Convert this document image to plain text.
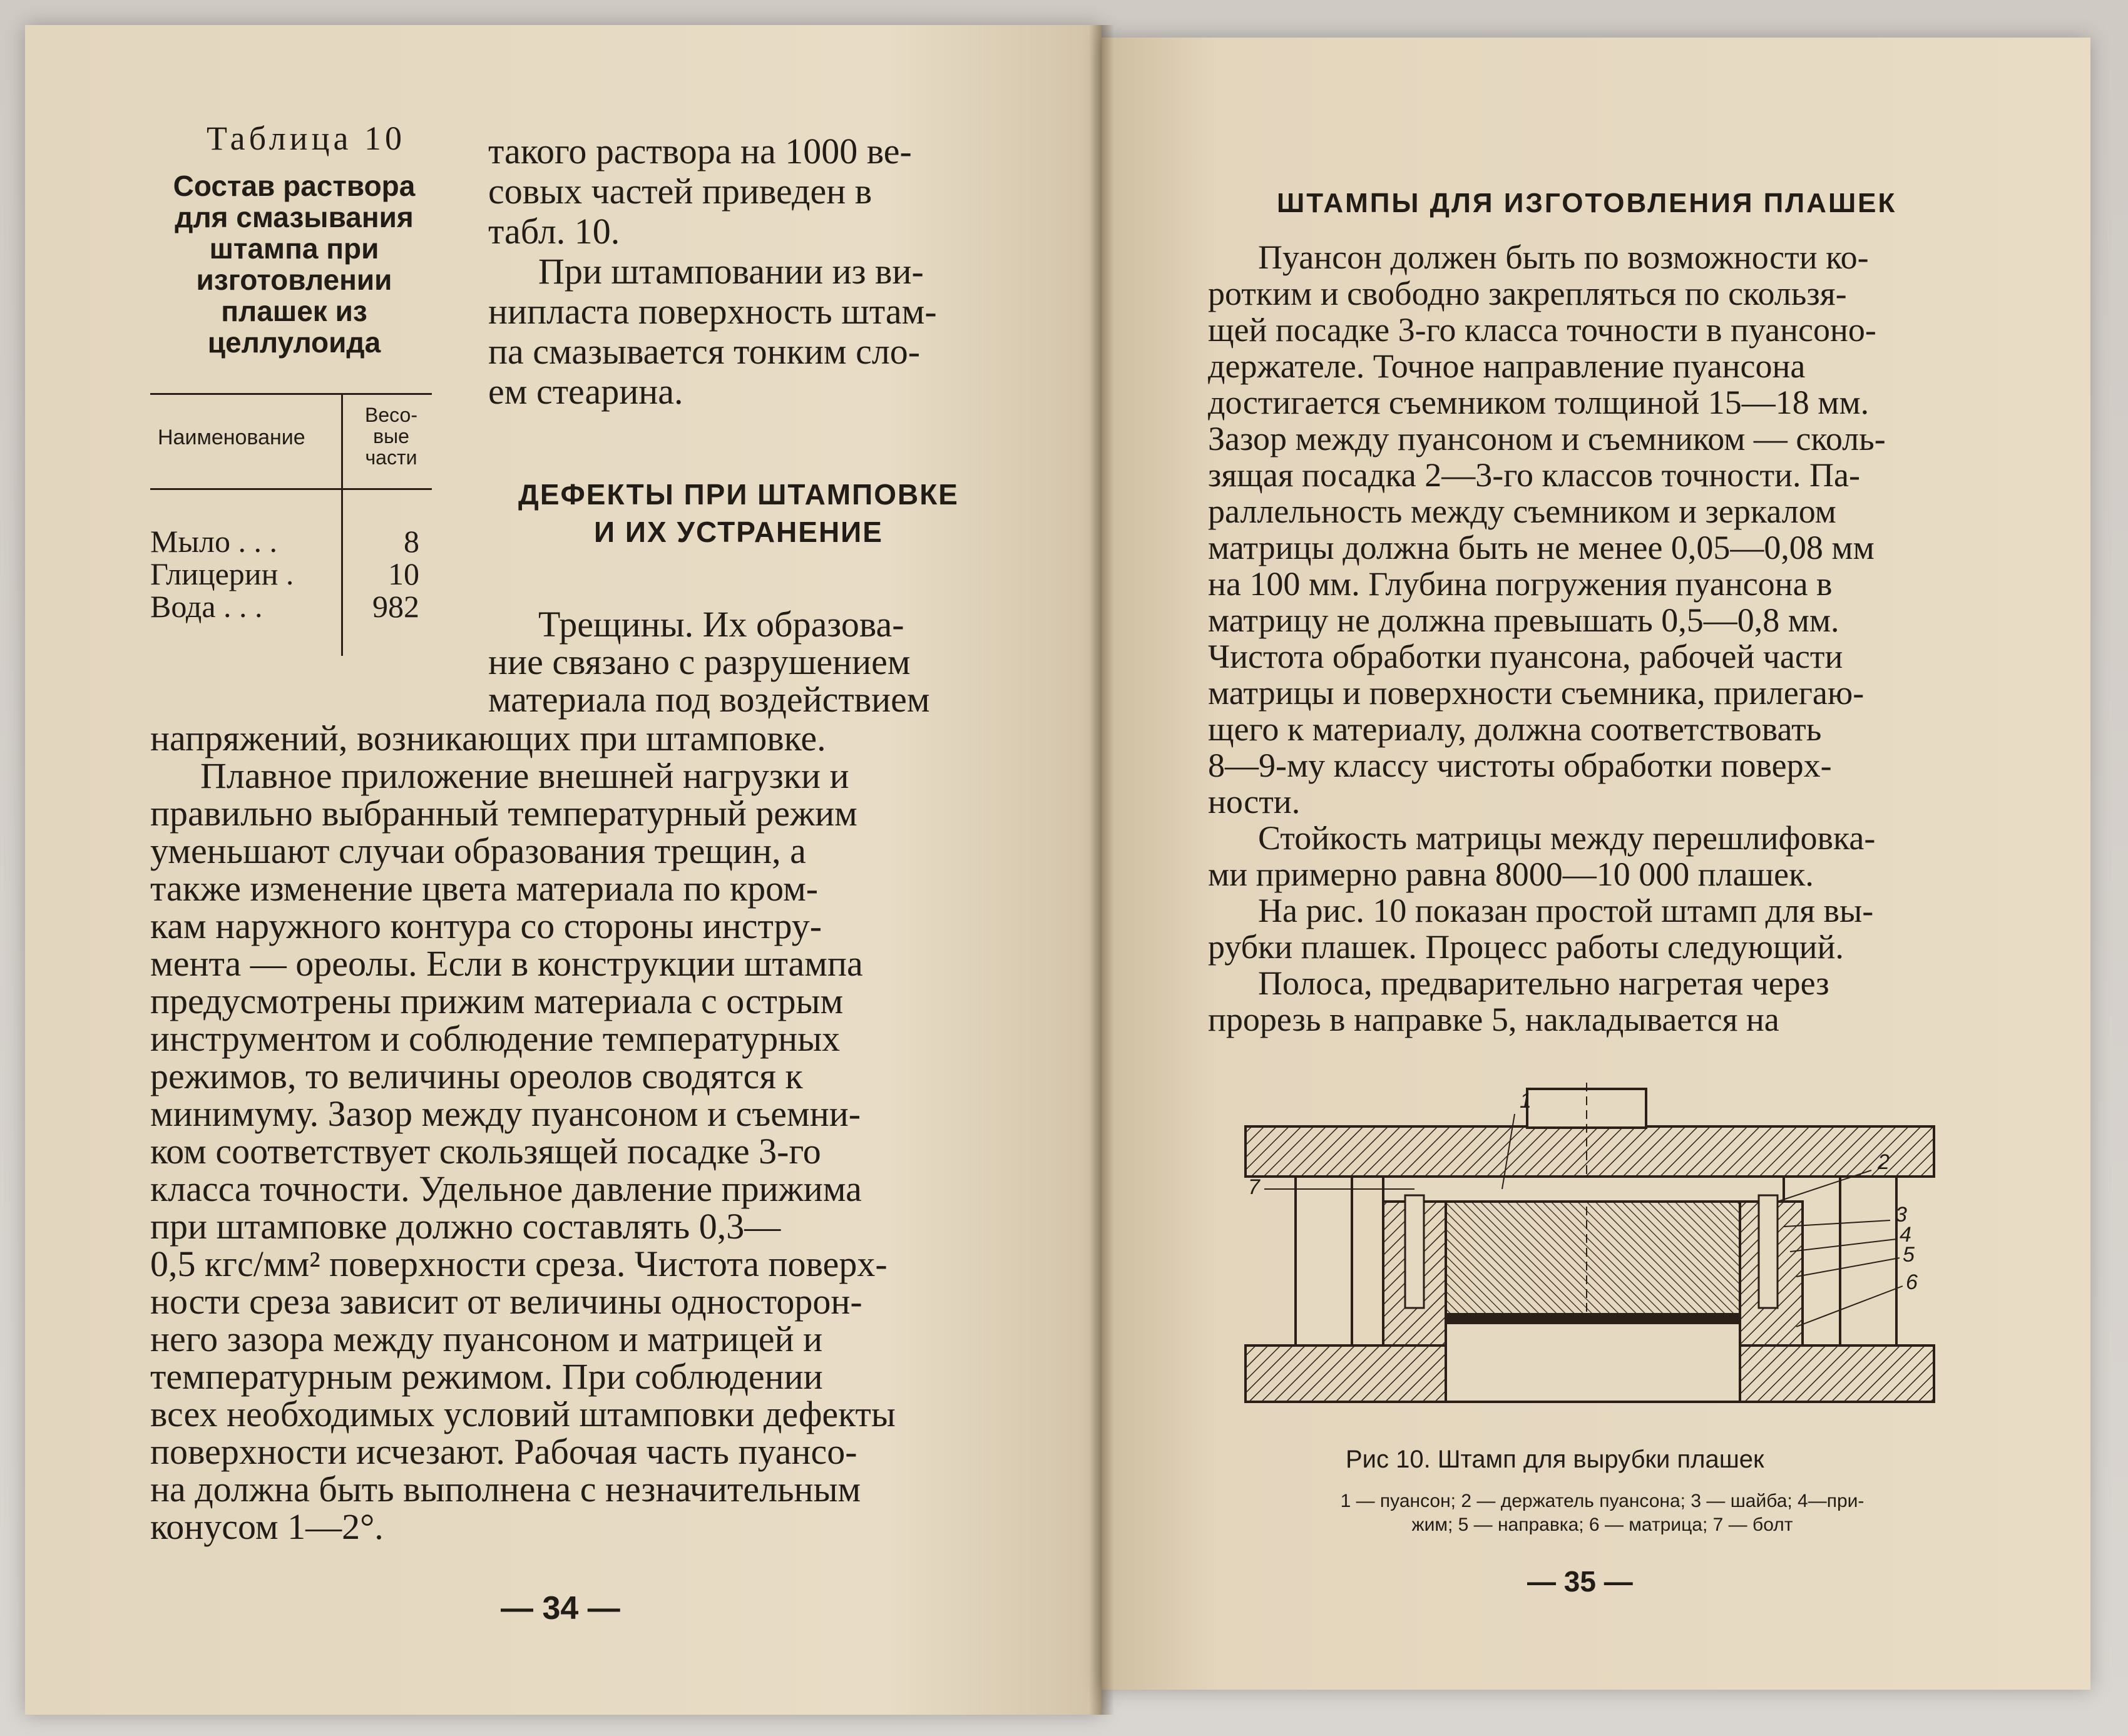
Таблица 10
Состав раствора
для смазывания
штампа при
изготовлении
плашек из
целлулоида
Наименование
Весо-
вые
части
Мыло . . .	8
Глицерин .	10
Вода . . .	982
такого раствора на 1000 ве-
совых частей приведен в
табл. 10.
При штамповании из ви-
нипласта поверхность штам-
па смазывается тонким сло-
ем стеарина.
ДЕФЕКТЫ ПРИ ШТАМПОВКЕ
И ИХ УСТРАНЕНИЕ
Трещины. Их образова-
ние связано с разрушением
материала под воздействием
напряжений, возникающих при штамповке.
Плавное приложение внешней нагрузки и
правильно выбранный температурный режим
уменьшают случаи образования трещин, а
также изменение цвета материала по кром-
кам наружного контура со стороны инстру-
мента — ореолы. Если в конструкции штампа
предусмотрены прижим материала с острым
инструментом и соблюдение температурных
режимов, то величины ореолов сводятся к
минимуму. Зазор между пуансоном и съемни-
ком соответствует скользящей посадке 3-го
класса точности. Удельное давление прижима
при штамповке должно составлять 0,3—
0,5 кгс/мм² поверхности среза. Чистота поверх-
ности среза зависит от величины односторон-
него зазора между пуансоном и матрицей и
температурным режимом. При соблюдении
всех необходимых условий штамповки дефекты
поверхности исчезают. Рабочая часть пуансо-
на должна быть выполнена с незначительным
конусом 1—2°.
— 34 —
ШТАМПЫ ДЛЯ ИЗГОТОВЛЕНИЯ ПЛАШЕК
Пуансон должен быть по возможности ко-
ротким и свободно закрепляться по скользя-
щей посадке 3-го класса точности в пуансоно-
держателе. Точное направление пуансона
достигается съемником толщиной 15—18 мм.
Зазор между пуансоном и съемником — сколь-
зящая посадка 2—3-го классов точности. Па-
раллельность между съемником и зеркалом
матрицы должна быть не менее 0,05—0,08 мм
на 100 мм. Глубина погружения пуансона в
матрицу не должна превышать 0,5—0,8 мм.
Чистота обработки пуансона, рабочей части
матрицы и поверхности съемника, прилегаю-
щего к материалу, должна соответствовать
8—9-му классу чистоты обработки поверх-
ности.
Стойкость матрицы между перешлифовка-
ми примерно равна 8000—10 000 плашек.
На рис. 10 показан простой штамп для вы-
рубки плашек. Процесс работы следующий.
Полоса, предварительно нагретая через
прорезь в направке 5, накладывается на
1
2
3
4
5
6
7
Рис 10. Штамп для вырубки плашек
1 — пуансон; 2 — держатель пуансона; 3 — шайба; 4—при-
жим; 5 — направка; 6 — матрица; 7 — болт
— 35 —
